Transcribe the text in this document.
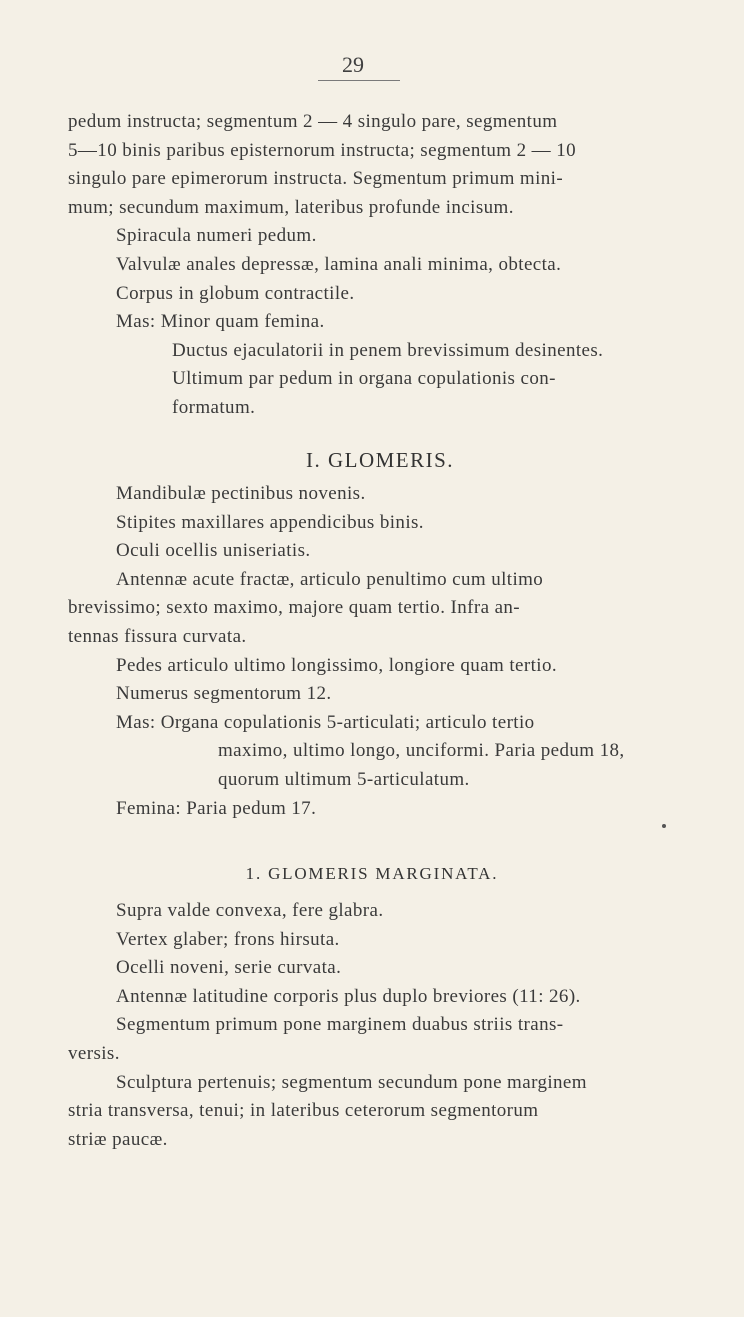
29
pedum instructa; segmentum 2 — 4 singulo pare, segmentum
5—10 binis paribus episternorum instructa; segmentum 2 — 10
singulo pare epimerorum instructa. Segmentum primum mini-
mum; secundum maximum, lateribus profunde incisum.
Spiracula numeri pedum.
Valvulæ anales depressæ, lamina anali minima, obtecta.
Corpus in globum contractile.
Mas: Minor quam femina.
Ductus ejaculatorii in penem brevissimum desinentes.
Ultimum par pedum in organa copulationis con-
formatum.
I. GLOMERIS.
Mandibulæ pectinibus novenis.
Stipites maxillares appendicibus binis.
Oculi ocellis uniseriatis.
Antennæ acute fractæ, articulo penultimo cum ultimo
brevissimo; sexto maximo, majore quam tertio. Infra an-
tennas fissura curvata.
Pedes articulo ultimo longissimo, longiore quam tertio.
Numerus segmentorum 12.
Mas: Organa copulationis 5-articulati; articulo tertio
maximo, ultimo longo, unciformi. Paria pedum 18,
quorum ultimum 5-articulatum.
Femina: Paria pedum 17.
1. GLOMERIS MARGINATA.
Supra valde convexa, fere glabra.
Vertex glaber; frons hirsuta.
Ocelli noveni, serie curvata.
Antennæ latitudine corporis plus duplo breviores (11: 26).
Segmentum primum pone marginem duabus striis trans-
versis.
Sculptura pertenuis; segmentum secundum pone marginem
stria transversa, tenui; in lateribus ceterorum segmentorum
striæ paucæ.
